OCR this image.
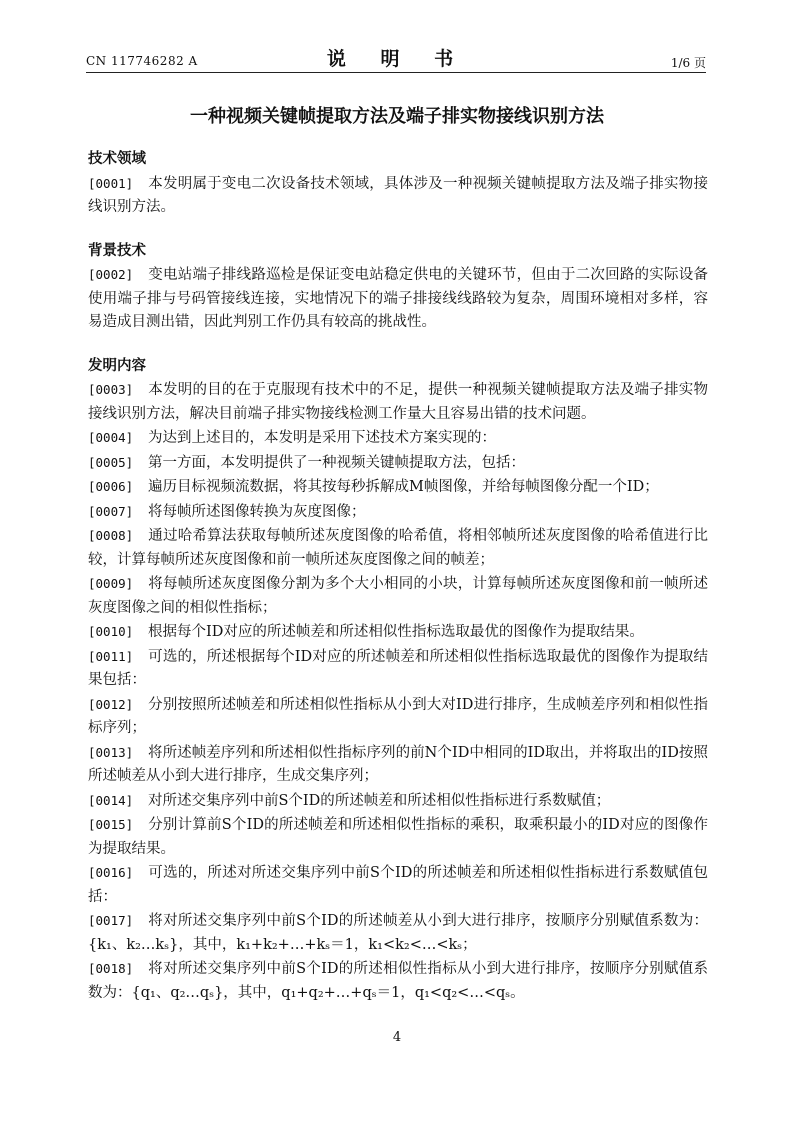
CN 117746282 A	说 明 书	1/6 页
一种视频关键帧提取方法及端子排实物接线识别方法

技术领域

[0001] 本发明属于变电二次设备技术领域，具体涉及一种视频关键帧提取方法及端子排实物接线识别方法。

背景技术

[0002] 变电站端子排线路巡检是保证变电站稳定供电的关键环节，但由于二次回路的实际设备使用端子排与号码管接线连接，实地情况下的端子排接线线路较为复杂，周围环境相对多样，容易造成目测出错，因此判别工作仍具有较高的挑战性。

发明内容

[0003] 本发明的目的在于克服现有技术中的不足，提供一种视频关键帧提取方法及端子排实物接线识别方法，解决目前端子排实物接线检测工作量大且容易出错的技术问题。

[0004] 为达到上述目的，本发明是采用下述技术方案实现的：

[0005] 第一方面，本发明提供了一种视频关键帧提取方法，包括：

[0006] 遍历目标视频流数据，将其按每秒拆解成M帧图像，并给每帧图像分配一个ID；

[0007] 将每帧所述图像转换为灰度图像；

[0008] 通过哈希算法获取每帧所述灰度图像的哈希值，将相邻帧所述灰度图像的哈希值进行比较，计算每帧所述灰度图像和前一帧所述灰度图像之间的帧差；

[0009] 将每帧所述灰度图像分割为多个大小相同的小块，计算每帧所述灰度图像和前一帧所述灰度图像之间的相似性指标；

[0010] 根据每个ID对应的所述帧差和所述相似性指标选取最优的图像作为提取结果。

[0011] 可选的，所述根据每个ID对应的所述帧差和所述相似性指标选取最优的图像作为提取结果包括：

[0012] 分别按照所述帧差和所述相似性指标从小到大对ID进行排序，生成帧差序列和相似性指标序列；

[0013] 将所述帧差序列和所述相似性指标序列的前N个ID中相同的ID取出，并将取出的ID按照所述帧差从小到大进行排序，生成交集序列；

[0014] 对所述交集序列中前S个ID的所述帧差和所述相似性指标进行系数赋值；

[0015] 分别计算前S个ID的所述帧差和所述相似性指标的乘积，取乘积最小的ID对应的图像作为提取结果。

[0016] 可选的，所述对所述交集序列中前S个ID的所述帧差和所述相似性指标进行系数赋值包括：

[0017] 将对所述交集序列中前S个ID的所述帧差从小到大进行排序，按顺序分别赋值系数为：{k₁、k₂…kₛ}，其中，k₁+k₂+…+kₛ＝1，k₁<k₂<…<kₛ；

[0018] 将对所述交集序列中前S个ID的所述相似性指标从小到大进行排序，按顺序分别赋值系数为：{q₁、q₂…qₛ}，其中，q₁+q₂+…+qₛ＝1，q₁<q₂<…<qₛ。

4
